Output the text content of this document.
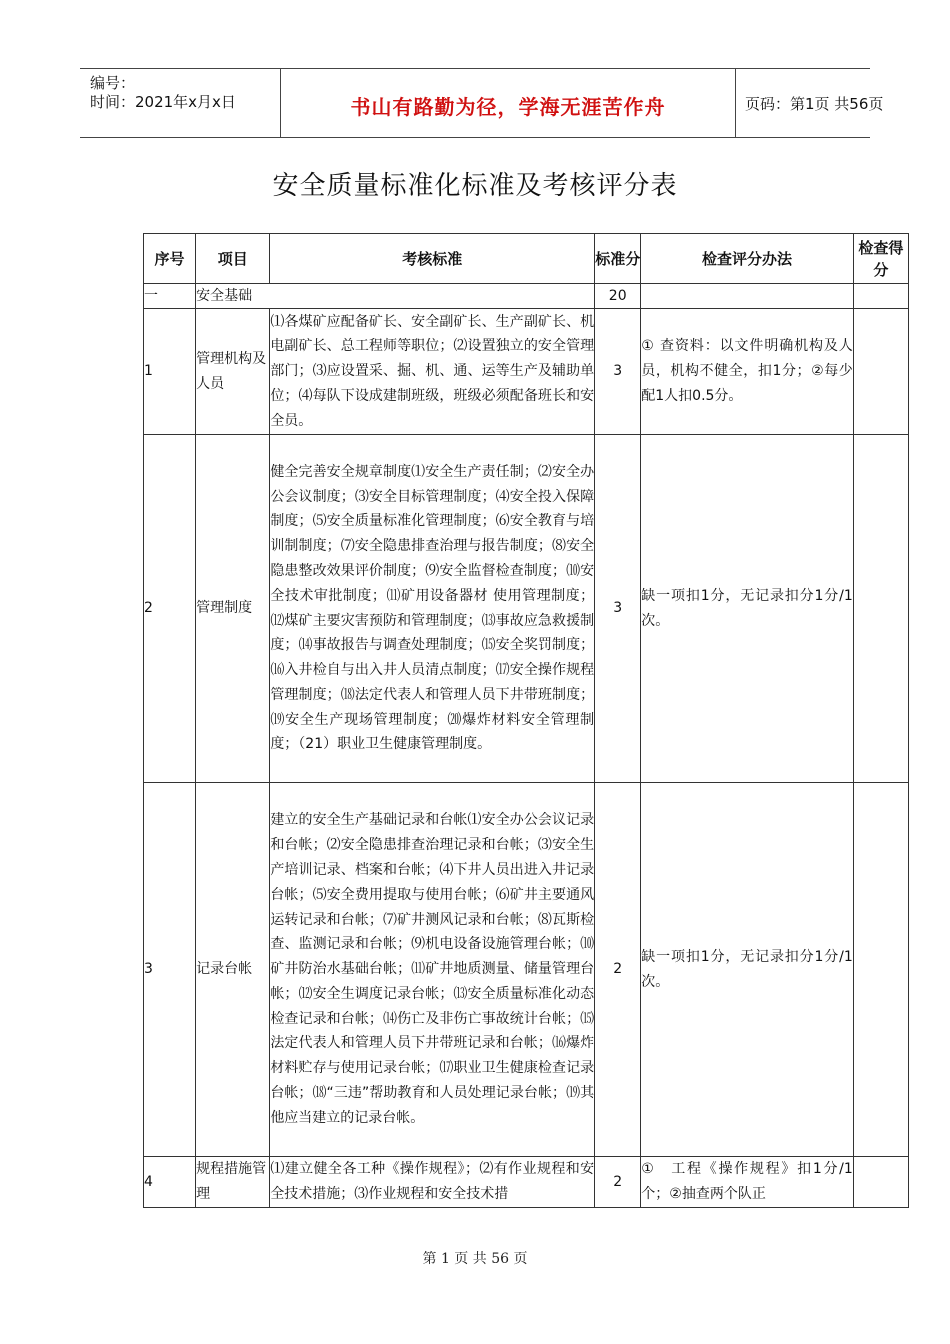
编号：
时间：2021年x月x日	书山有路勤为径，学海无涯苦作舟	页码：第1页 共56页
安全质量标准化标准及考核评分表
序号	项目	考核标准	标准分	检查评分办法	检查得分
一	安全基础		20		
1	管理机构及人员	⑴各煤矿应配备矿长、安全副矿长、生产副矿长、机电副矿长、总工程师等职位；⑵设置独立的安全管理部门；⑶应设置采、掘、机、通、运等生产及辅助单位；⑷每队下设成建制班级，班级必须配备班长和安全员。	3	① 查资料：以文件明确机构及人员，机构不健全，扣1分；②每少配1人扣0.5分。	
2	管理制度	健全完善安全规章制度⑴安全生产责任制；⑵安全办公会议制度；⑶安全目标管理制度；⑷安全投入保障制度；⑸安全质量标准化管理制度；⑹安全教育与培训制制度；⑺安全隐患排查治理与报告制度；⑻安全隐患整改效果评价制度；⑼安全监督检查制度；⑽安全技术审批制度；⑾矿用设备器材 使用管理制度；⑿煤矿主要灾害预防和管理制度；⒀事故应急救援制度；⒁事故报告与调查处理制度；⒂安全奖罚制度；⒃入井检自与出入井人员清点制度；⒄安全操作规程管理制度；⒅法定代表人和管理人员下井带班制度；⒆安全生产现场管理制度；⒇爆炸材料安全管理制度；（21）职业卫生健康管理制度。	3	缺一项扣1分，无记录扣分1分/1次。	
3	记录台帐	建立的安全生产基础记录和台帐⑴安全办公会议记录和台帐；⑵安全隐患排查治理记录和台帐；⑶安全生产培训记录、档案和台帐；⑷下井人员出进入井记录台帐；⑸安全费用提取与使用台帐；⑹矿井主要通风运转记录和台帐；⑺矿井测风记录和台帐；⑻瓦斯检查、监测记录和台帐；⑼机电设备设施管理台帐；⑽矿井防治水基础台帐；⑾矿井地质测量、储量管理台帐；⑿安全生调度记录台帐；⒀安全质量标准化动态检查记录和台帐；⒁伤亡及非伤亡事故统计台帐；⒂法定代表人和管理人员下井带班记录和台帐；⒃爆炸材料贮存与使用记录台帐；⒄职业卫生健康检查记录台帐；⒅“三违”帮助教育和人员处理记录台帐；⒆其他应当建立的记录台帐。	2	缺一项扣1分，无记录扣分1分/1次。	
4	规程措施管理	⑴建立健全各工种《操作规程》；⑵有作业规程和安全技术措施；⑶作业规程和安全技术措	2	①　工程《操作规程》扣1分/1个；②抽查两个队正	

第 1 页 共 56 页
